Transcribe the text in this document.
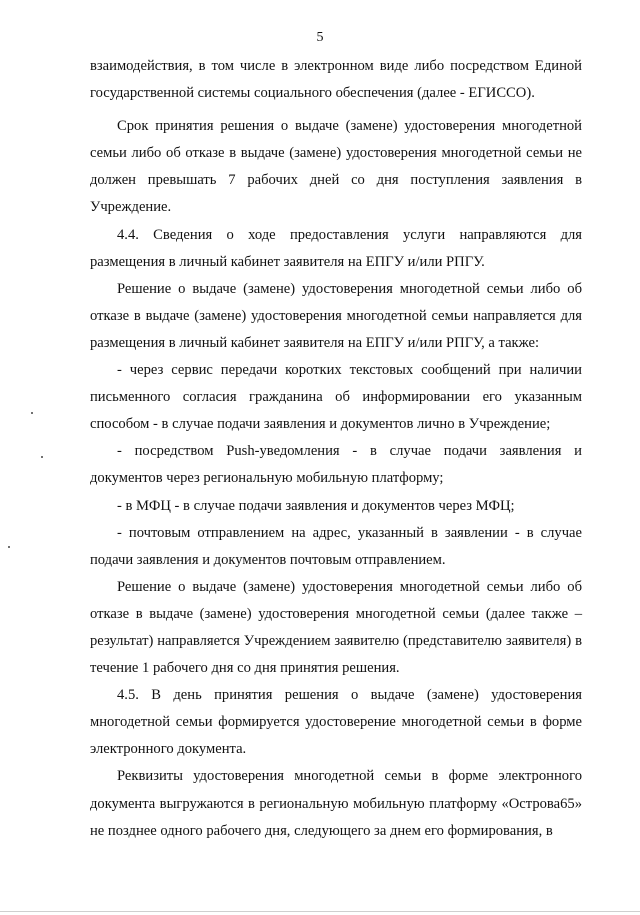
5

взаимодействия, в том числе в электронном виде либо посредством Единой государственной системы социального обеспечения (далее - ЕГИССО).

Срок принятия решения о выдаче (замене) удостоверения многодетной семьи либо об отказе в выдаче (замене) удостоверения многодетной семьи не должен превышать 7 рабочих дней со дня поступления заявления в Учреждение.

4.4. Сведения о ходе предоставления услуги направляются для размещения в личный кабинет заявителя на ЕПГУ и/или РПГУ.

Решение о выдаче (замене) удостоверения многодетной семьи либо об отказе в выдаче (замене) удостоверения многодетной семьи направляется для размещения в личный кабинет заявителя на ЕПГУ и/или РПГУ, а также:

- через сервис передачи коротких текстовых сообщений при наличии письменного согласия гражданина об информировании его указанным способом - в случае подачи заявления и документов лично в Учреждение;

- посредством Push-уведомления - в случае подачи заявления и документов через региональную мобильную платформу;

- в МФЦ - в случае подачи заявления и документов через МФЦ;

- почтовым отправлением на адрес, указанный в заявлении - в случае подачи заявления и документов почтовым отправлением.

Решение о выдаче (замене) удостоверения многодетной семьи либо об отказе в выдаче (замене) удостоверения многодетной семьи (далее также – результат) направляется Учреждением заявителю (представителю заявителя) в течение 1 рабочего дня со дня принятия решения.

4.5. В день принятия решения о выдаче (замене) удостоверения многодетной семьи формируется удостоверение многодетной семьи в форме электронного документа.

Реквизиты удостоверения многодетной семьи в форме электронного документа выгружаются в региональную мобильную платформу «Острова65» не позднее одного рабочего дня, следующего за днем его формирования, в
